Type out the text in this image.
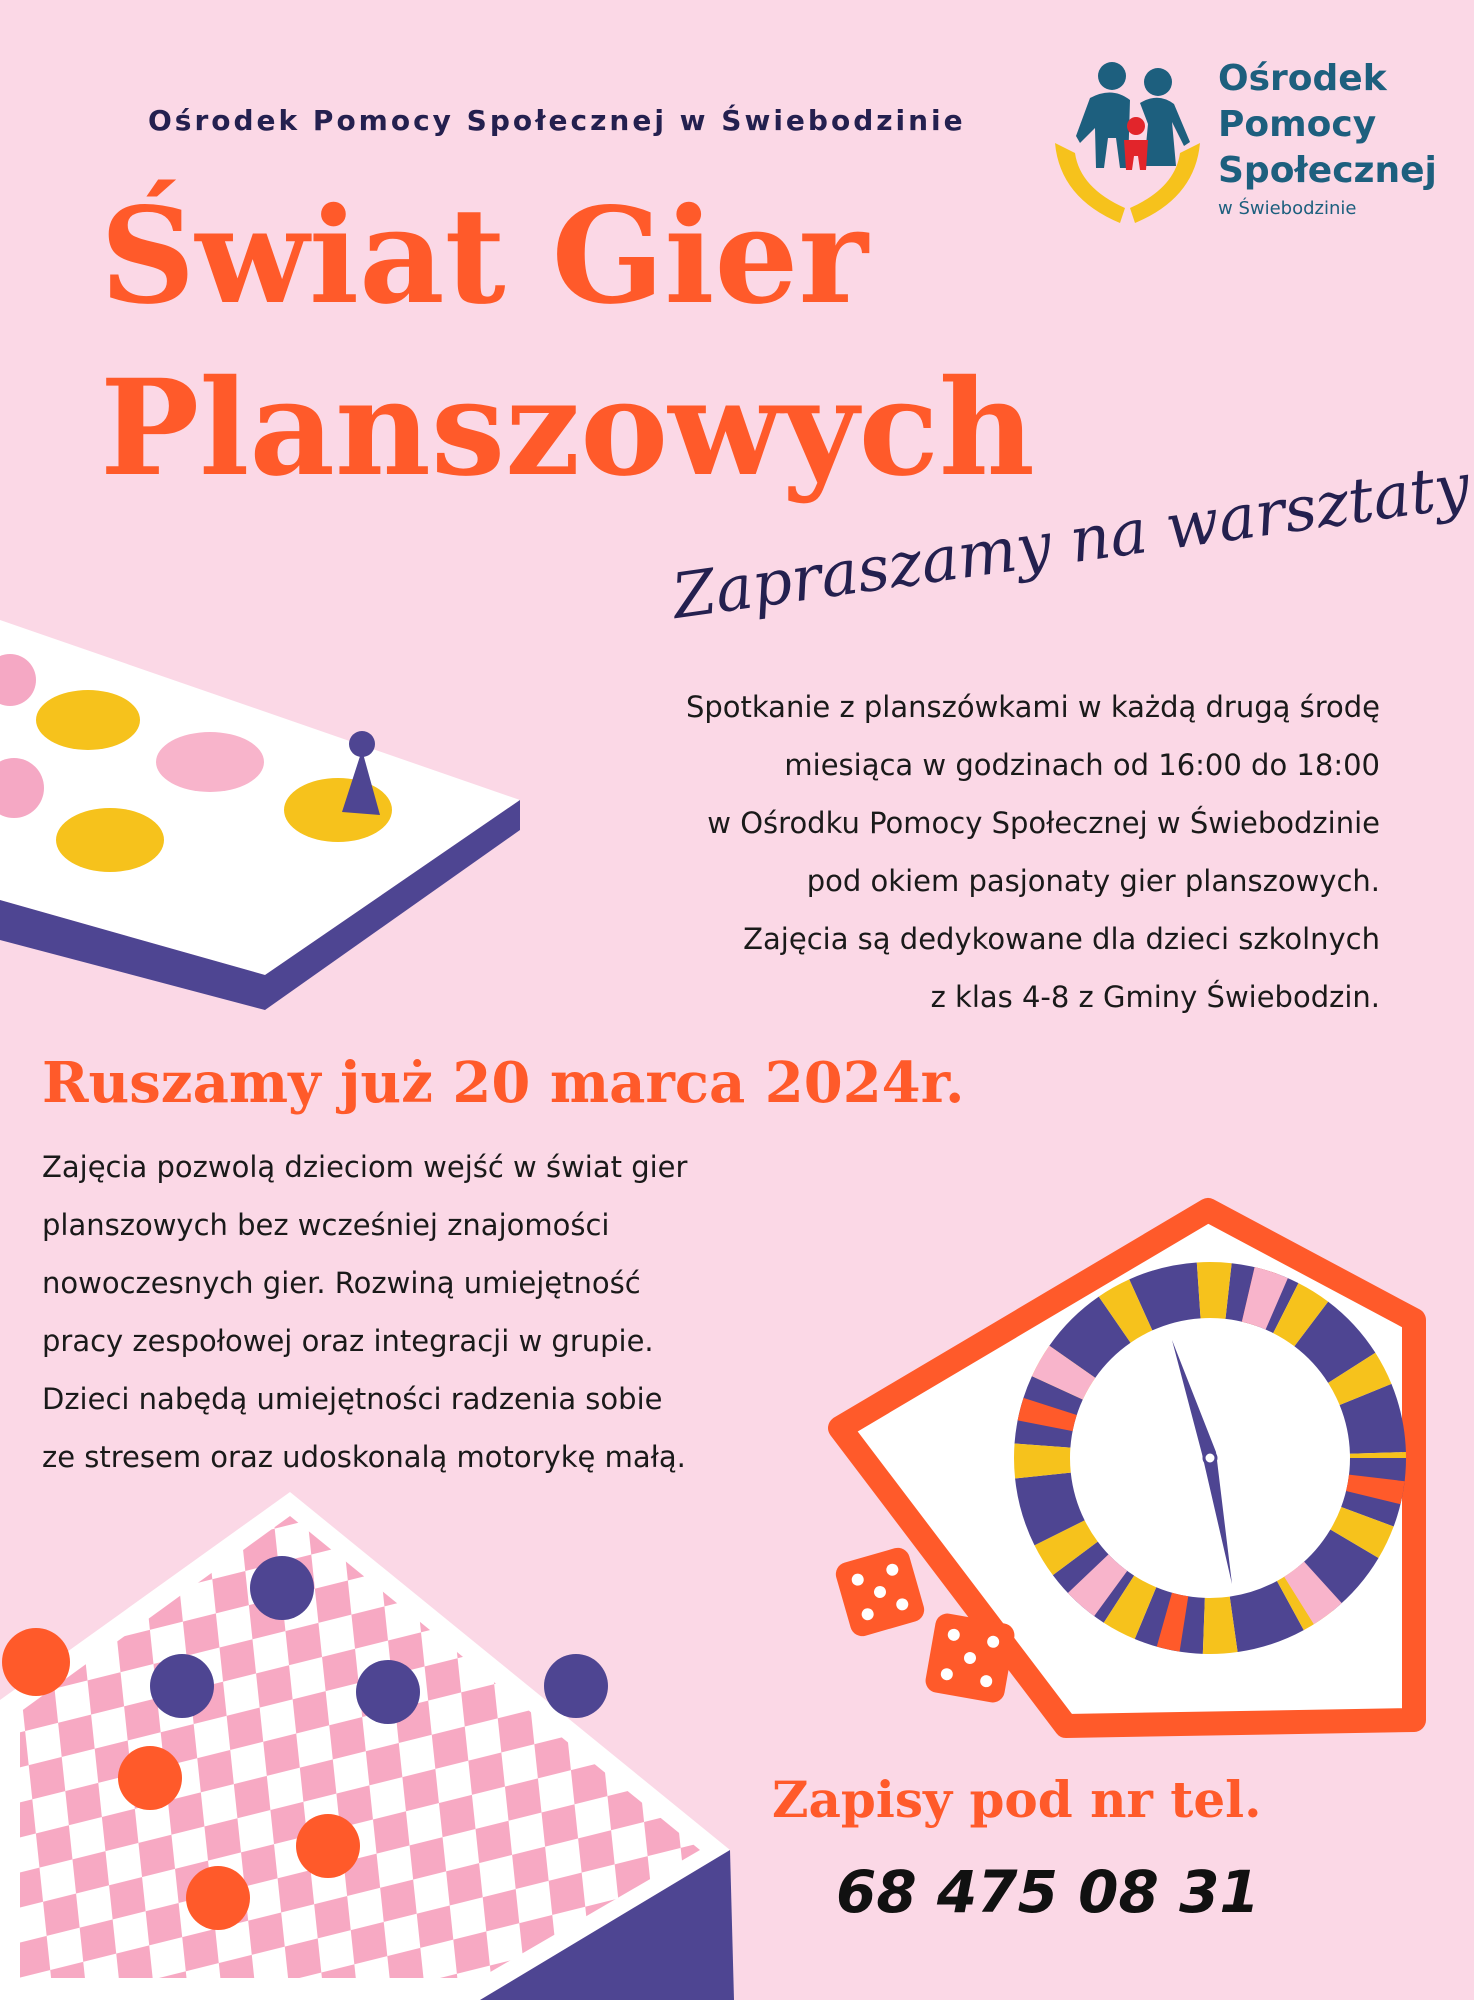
Ośrodek Pomocy Społecznej w Świebodzinie
Ośrodek
Pomocy
Społecznej
w Świebodzinie
Świat Gier
Planszowych
Zapraszamy na warsztaty
Spotkanie z planszówkami w każdą drugą środę
miesiąca w godzinach od 16:00 do 18:00
w Ośrodku Pomocy Społecznej w Świebodzinie
pod okiem pasjonaty gier planszowych.
Zajęcia są dedykowane dla dzieci szkolnych
z klas 4-8 z Gminy Świebodzin.
Ruszamy już 20 marca 2024r.
Zajęcia pozwolą dzieciom wejść w świat gier
planszowych bez wcześniej znajomości
nowoczesnych gier. Rozwiną umiejętność
pracy zespołowej oraz integracji w grupie.
Dzieci nabędą umiejętności radzenia sobie
ze stresem oraz udoskonalą motorykę małą.
Zapisy pod nr tel.
68 475 08 31
